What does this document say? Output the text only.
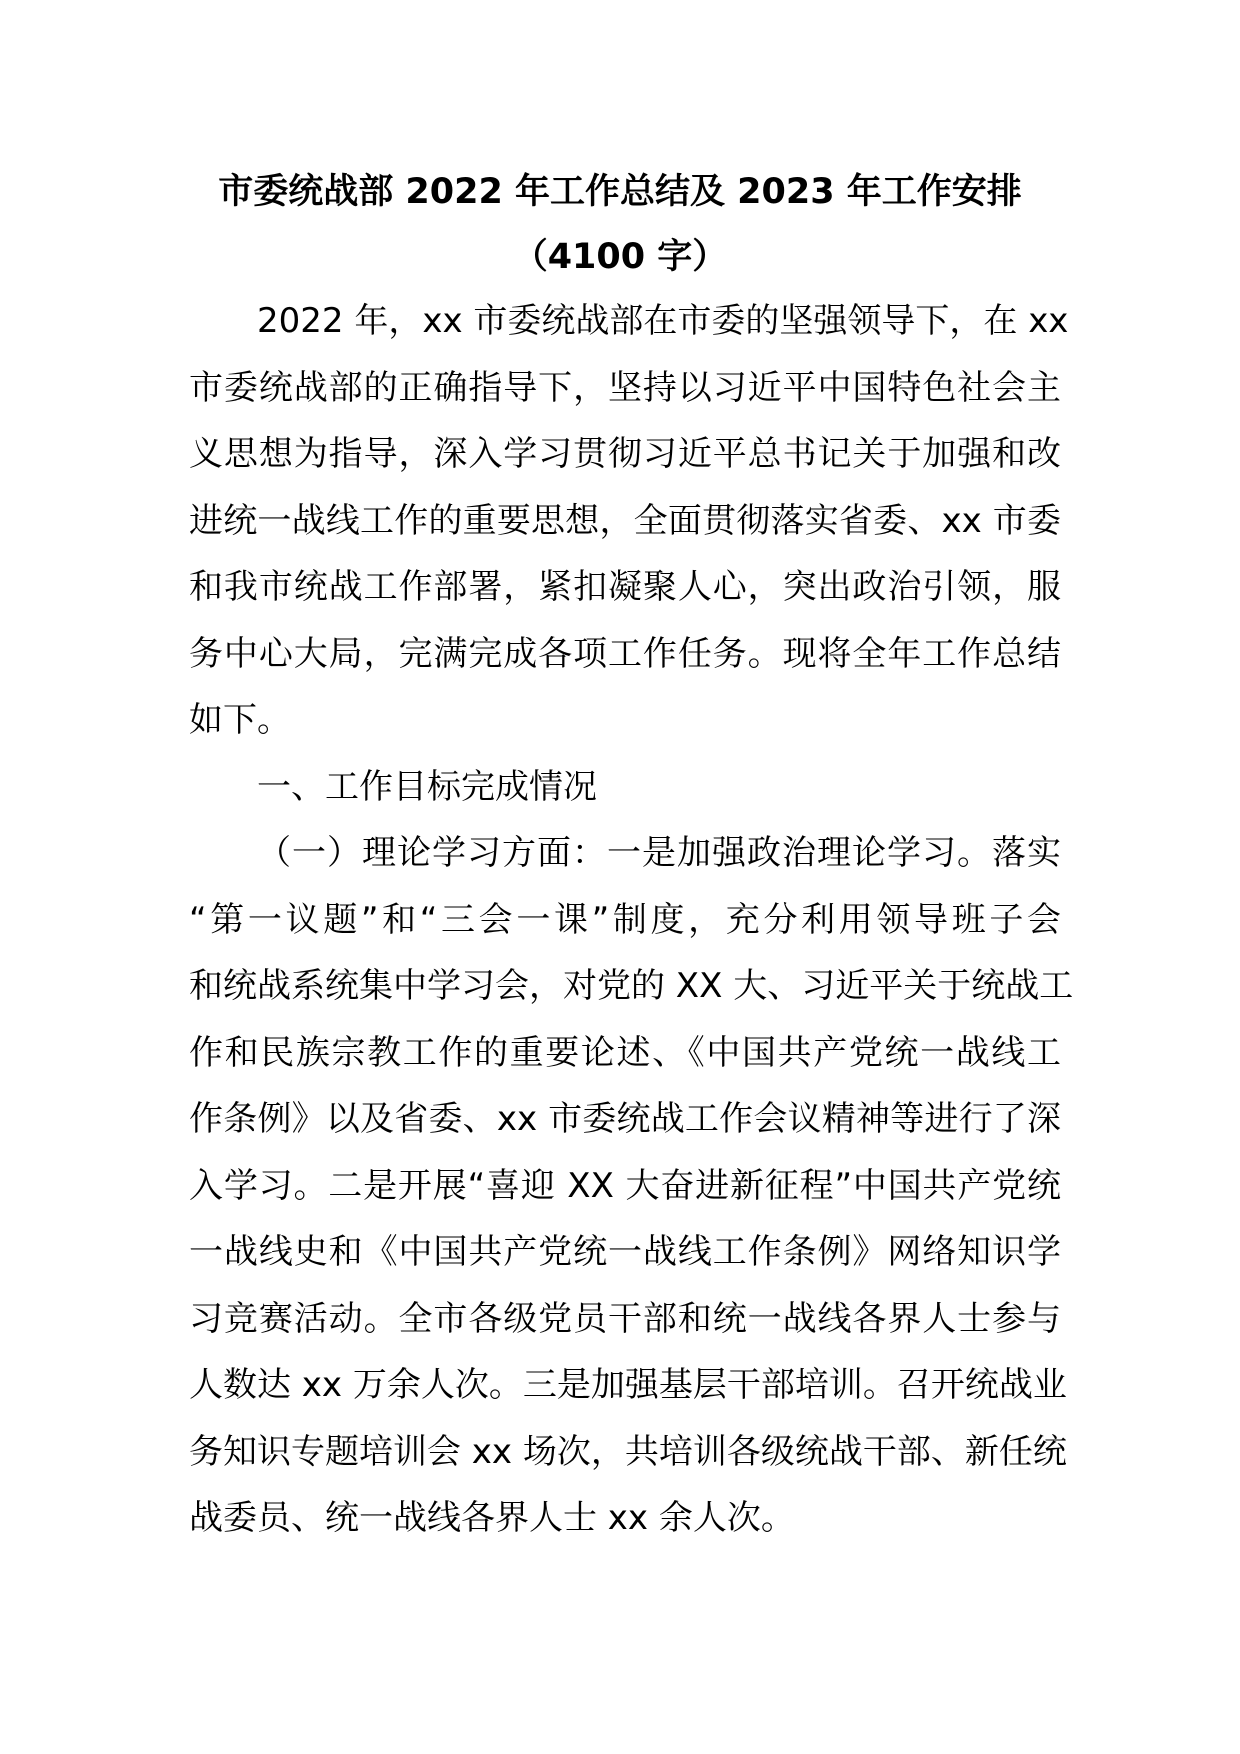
市委统战部 2022 年工作总结及 2023 年工作安排
（4100 字）
2022 年，xx 市委统战部在市委的坚强领导下，在 xx
市委统战部的正确指导下，坚持以习近平中国特色社会主
义思想为指导，深入学习贯彻习近平总书记关于加强和改
进统一战线工作的重要思想，全面贯彻落实省委、xx 市委
和我市统战工作部署，紧扣凝聚人心，突出政治引领，服
务中心大局，完满完成各项工作任务。现将全年工作总结
如下。
一、工作目标完成情况
（一）理论学习方面：一是加强政治理论学习。落实
“第一议题”和“三会一课”制度，充分利用领导班子会
和统战系统集中学习会，对党的 XX 大、习近平关于统战工
作和民族宗教工作的重要论述、《中国共产党统一战线工
作条例》以及省委、xx 市委统战工作会议精神等进行了深
入学习。二是开展“喜迎 XX 大奋进新征程”中国共产党统
一战线史和《中国共产党统一战线工作条例》网络知识学
习竞赛活动。全市各级党员干部和统一战线各界人士参与
人数达 xx 万余人次。三是加强基层干部培训。召开统战业
务知识专题培训会 xx 场次，共培训各级统战干部、新任统
战委员、统一战线各界人士 xx 余人次。
